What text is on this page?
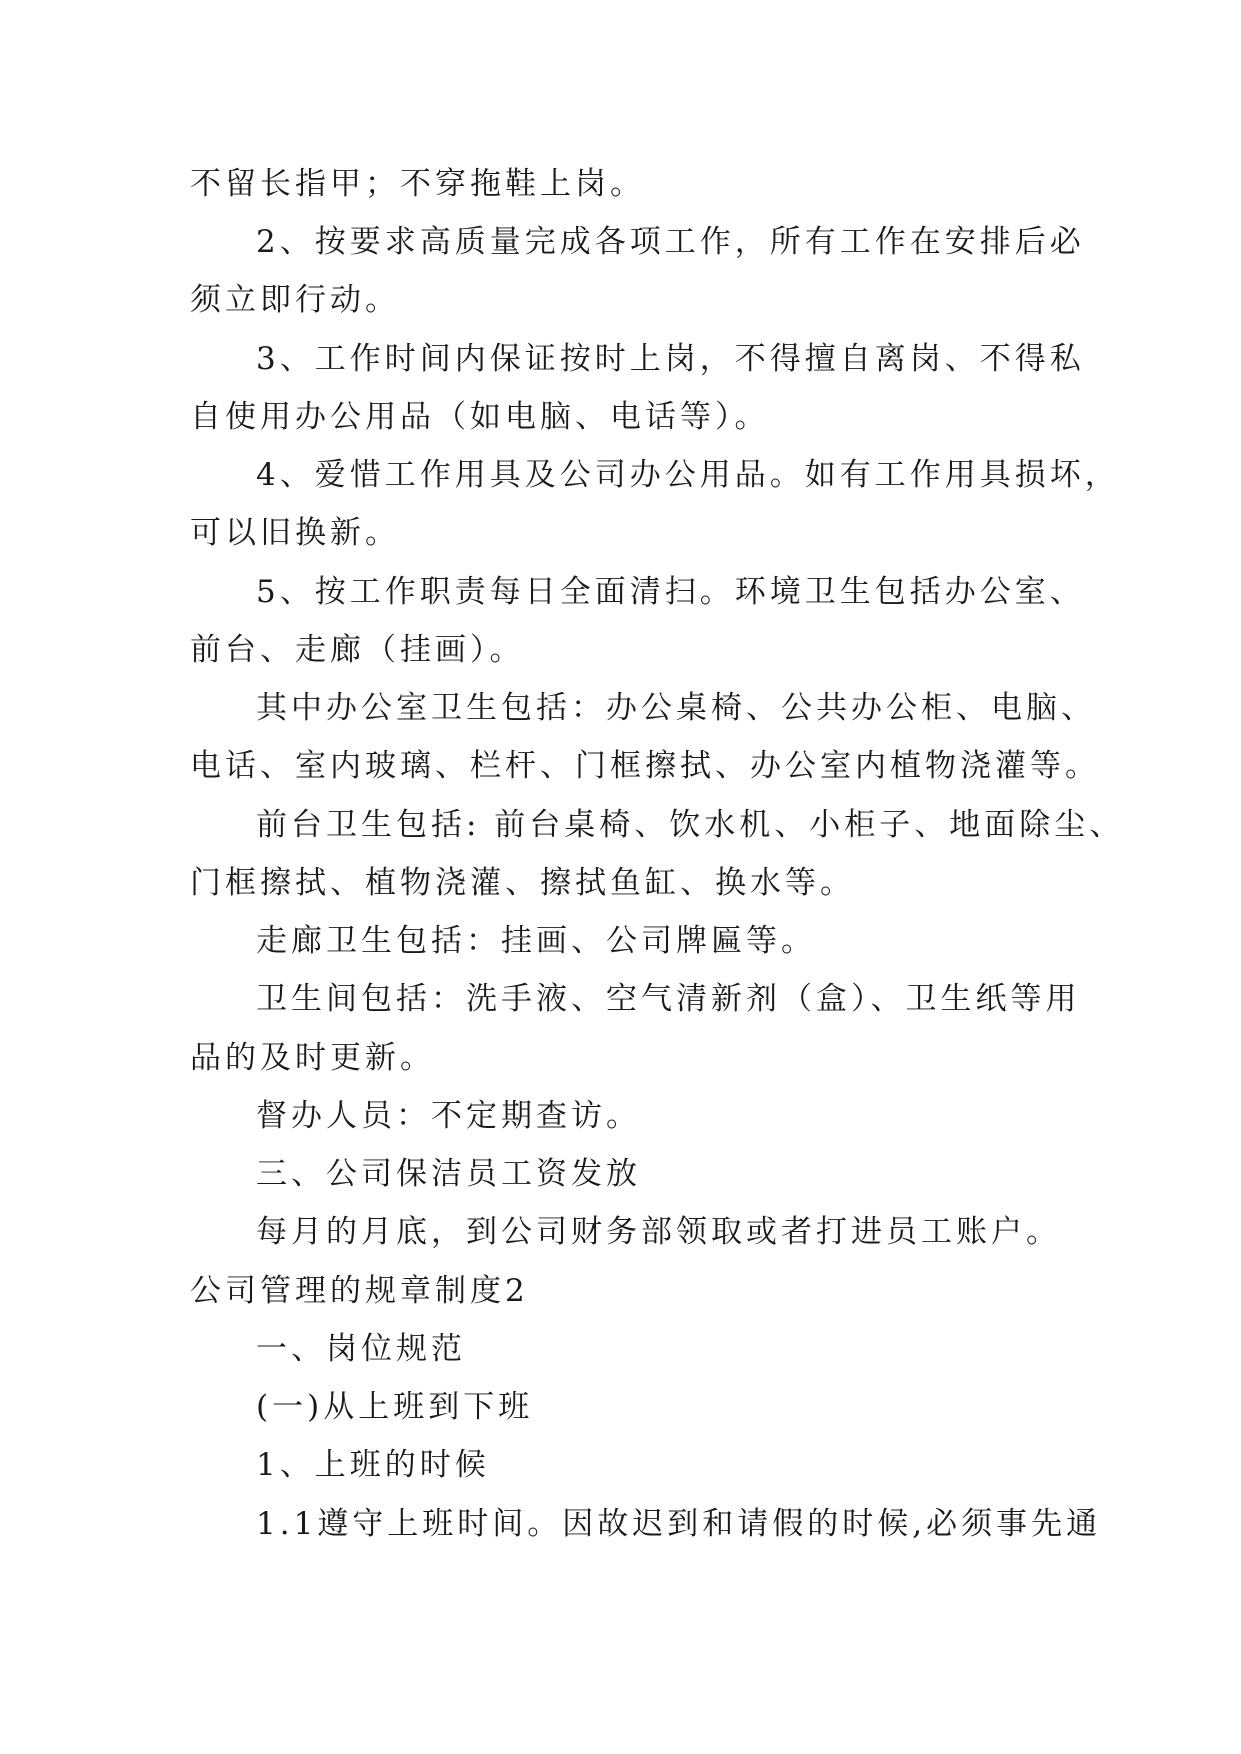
不留长指甲；不穿拖鞋上岗。
2、按要求高质量完成各项工作，所有工作在安排后必
须立即行动。
3、工作时间内保证按时上岗，不得擅自离岗、不得私
自使用办公用品（如电脑、电话等）。
4、爱惜工作用具及公司办公用品。如有工作用具损坏，
可以旧换新。
5、按工作职责每日全面清扫。环境卫生包括办公室、
前台、走廊（挂画）。
其中办公室卫生包括：办公桌椅、公共办公柜、电脑、
电话、室内玻璃、栏杆、门框擦拭、办公室内植物浇灌等。
前台卫生包括: 前台桌椅、饮水机、小柜子、地面除尘、
门框擦拭、植物浇灌、擦拭鱼缸、换水等。
走廊卫生包括：挂画、公司牌匾等。
卫生间包括：洗手液、空气清新剂（盒）、卫生纸等用
品的及时更新。
督办人员：不定期查访。
三、公司保洁员工资发放
每月的月底，到公司财务部领取或者打进员工账户。
公司管理的规章制度2
一、岗位规范
(一)从上班到下班
1、上班的时候
1.1遵守上班时间。因故迟到和请假的时候,必须事先通
